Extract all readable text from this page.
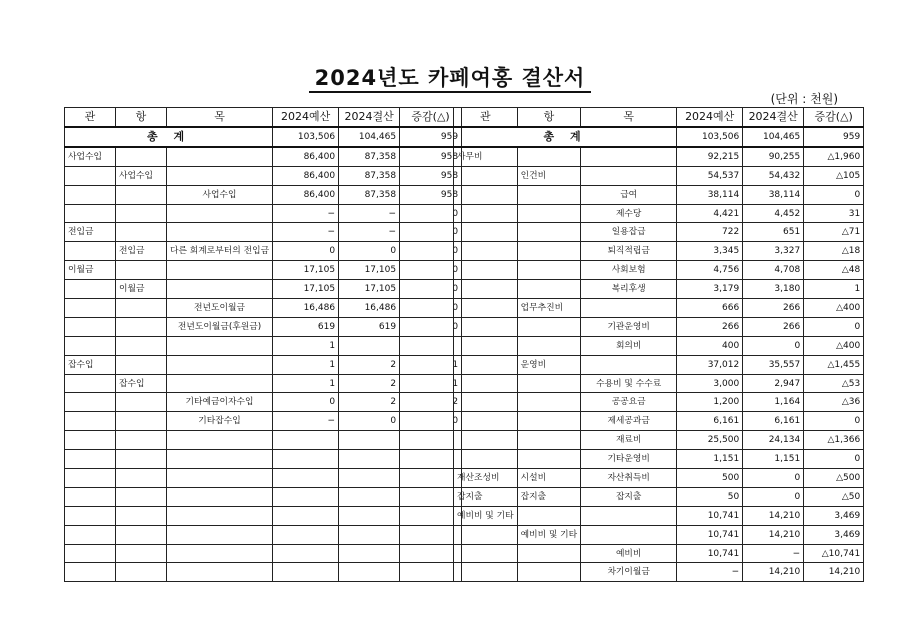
2024년도 카페여홍 결산서
(단위 : 천원)
관	항	목	2024예산	2024결산	증감(△)
총 계			103,506	104,465	959
사업수입			86,400	87,358	958
	사업수입		86,400	87,358	958
		사업수입	86,400	87,358	958
			−	−	0
전입금			−	−	0
	전입금	다른 회계로부터의 전입금	0	0	0
이월금			17,105	17,105	0
	이월금		17,105	17,105	0
		전년도이월금	16,486	16,486	0
		전년도이월금(후원금)	619	619	0
			1		
잡수입			1	2	1
	잡수입		1	2	1
		기타예금이자수입	0	2	2
		기타잡수입	−	0	0

관	항	목	2024예산	2024결산	증감(△)
총 계			103,506	104,465	959
사무비			92,215	90,255	△1,960
	인건비		54,537	54,432	△105
		급여	38,114	38,114	0
		제수당	4,421	4,452	31
		일용잡급	722	651	△71
		퇴직적립금	3,345	3,327	△18
		사회보험	4,756	4,708	△48
		복리후생	3,179	3,180	1
	업무추진비		666	266	△400
		기관운영비	266	266	0
		회의비	400	0	△400
	운영비		37,012	35,557	△1,455
		수용비 및 수수료	3,000	2,947	△53
		공공요금	1,200	1,164	△36
		제세공과금	6,161	6,161	0
		재료비	25,500	24,134	△1,366
		기타운영비	1,151	1,151	0
재산조성비	시설비	자산취득비	500	0	△500
잡지출	잡지출	잡지출	50	0	△50
예비비 및 기타			10,741	14,210	3,469
	예비비 및 기타		10,741	14,210	3,469
		예비비	10,741	−	△10,741
		차기이월금	−	14,210	14,210
